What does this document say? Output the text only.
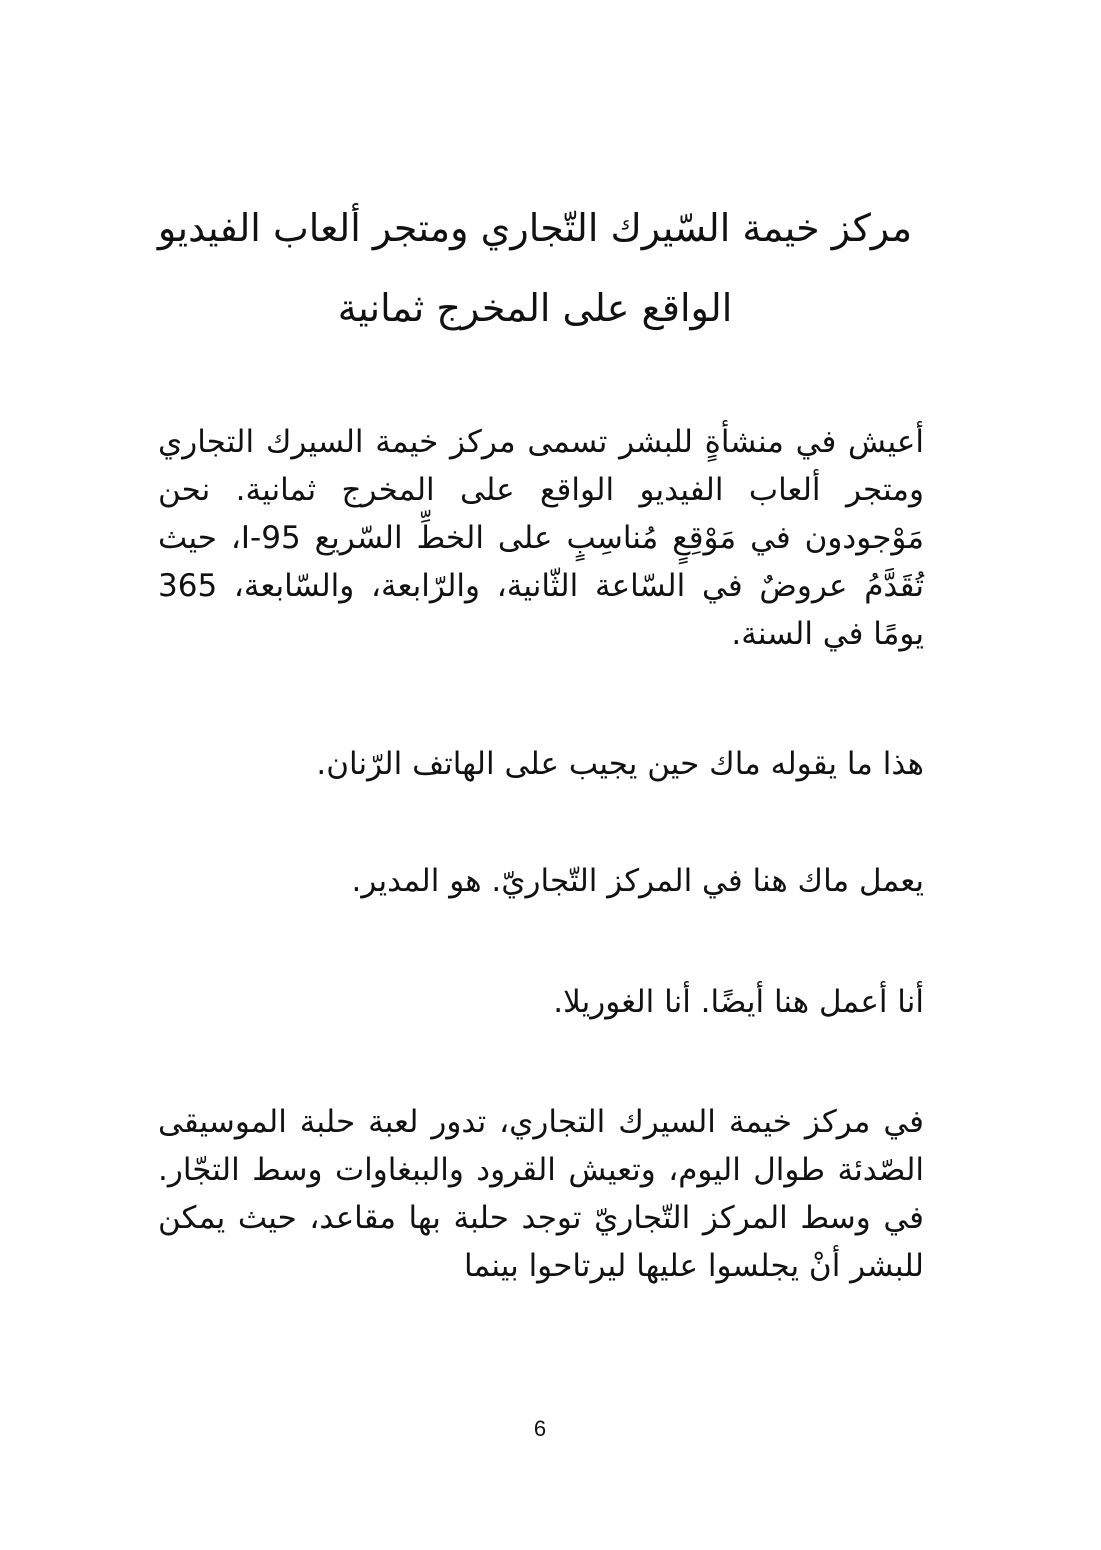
مركز خيمة السّيرك التّجاري ومتجر ألعاب الفيديو
الواقع على المخرج ثمانية

أعيش في منشأةٍ للبشر تسمى مركز خيمة السيرك التجاري ومتجر ألعاب الفيديو الواقع على المخرج ثمانية. نحن مَوْجودون في مَوْقِعٍ مُناسِبٍ على الخطِّ السّريع I-95، حيث تُقَدَّمُ عروضٌ في السّاعة الثّانية، والرّابعة، والسّابعة، 365 يومًا في السنة.

هذا ما يقوله ماك حين يجيب على الهاتف الرّنان.

يعمل ماك هنا في المركز التّجاريّ. هو المدير.

أنا أعمل هنا أيضًا. أنا الغوريلا.

في مركز خيمة السيرك التجاري، تدور لعبة حلبة الموسيقى الصّدئة طوال اليوم، وتعيش القرود والببغاوات وسط التجّار. في وسط المركز التّجاريّ توجد حلبة بها مقاعد، حيث يمكن للبشر أنْ يجلسوا عليها ليرتاحوا بينما

6
